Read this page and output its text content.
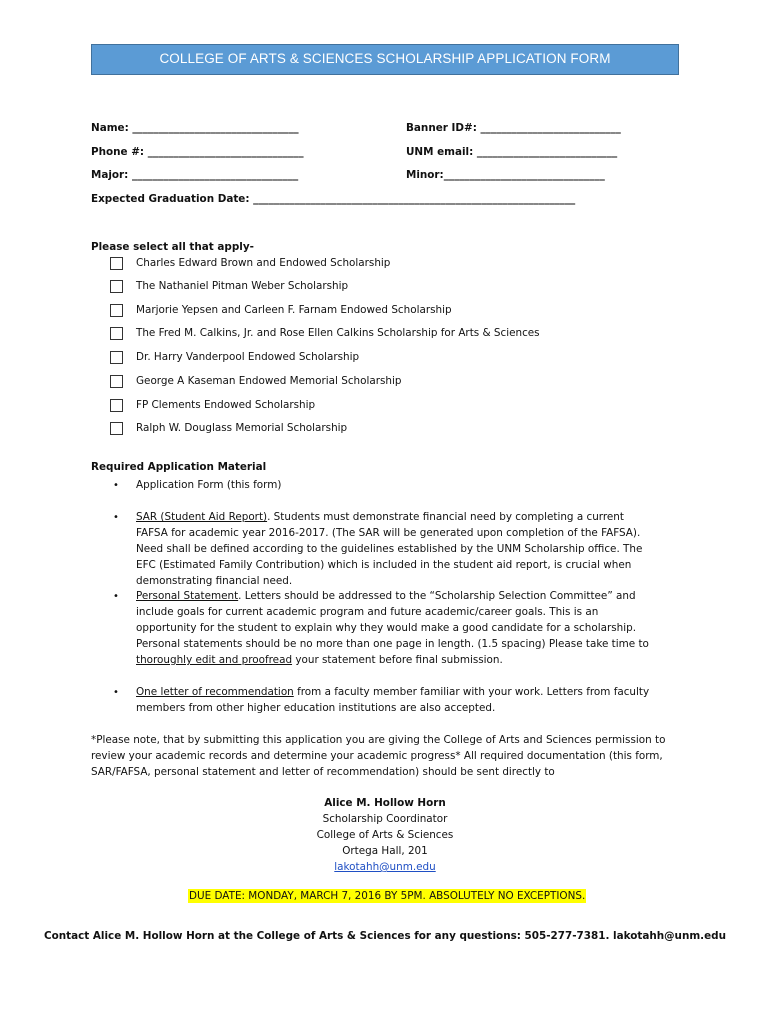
COLLEGE OF ARTS & SCIENCES SCHOLARSHIP APPLICATION FORM
Name: ________________________________	Banner ID#: ___________________________
Phone #: ______________________________	UNM email: ___________________________
Major: ________________________________	Minor:_______________________________
Expected Graduation Date: ______________________________________________________________
Please select all that apply-
Charles Edward Brown and Endowed Scholarship
The Nathaniel Pitman Weber Scholarship
Marjorie Yepsen and Carleen F. Farnam Endowed Scholarship
The Fred M. Calkins, Jr. and Rose Ellen Calkins Scholarship for Arts & Sciences
Dr. Harry Vanderpool Endowed Scholarship
George A Kaseman Endowed Memorial Scholarship
FP Clements Endowed Scholarship
Ralph W. Douglass Memorial Scholarship
Required Application Material
• Application Form (this form)
• SAR (Student Aid Report). Students must demonstrate financial need by completing a current FAFSA for academic year 2016-2017. (The SAR will be generated upon completion of the FAFSA). Need shall be defined according to the guidelines established by the UNM Scholarship office. The EFC (Estimated Family Contribution) which is included in the student aid report, is crucial when demonstrating financial need.
• Personal Statement. Letters should be addressed to the “Scholarship Selection Committee” and include goals for current academic program and future academic/career goals. This is an opportunity for the student to explain why they would make a good candidate for a scholarship. Personal statements should be no more than one page in length. (1.5 spacing) Please take time to thoroughly edit and proofread your statement before final submission.
• One letter of recommendation from a faculty member familiar with your work. Letters from faculty members from other higher education institutions are also accepted.
*Please note, that by submitting this application you are giving the College of Arts and Sciences permission to review your academic records and determine your academic progress* All required documentation (this form, SAR/FAFSA, personal statement and letter of recommendation) should be sent directly to
Alice M. Hollow Horn
Scholarship Coordinator
College of Arts & Sciences
Ortega Hall, 201
lakotahh@unm.edu
DUE DATE: MONDAY, MARCH 7, 2016 BY 5PM. ABSOLUTELY NO EXCEPTIONS.
Contact Alice M. Hollow Horn at the College of Arts & Sciences for any questions: 505-277-7381. lakotahh@unm.edu
